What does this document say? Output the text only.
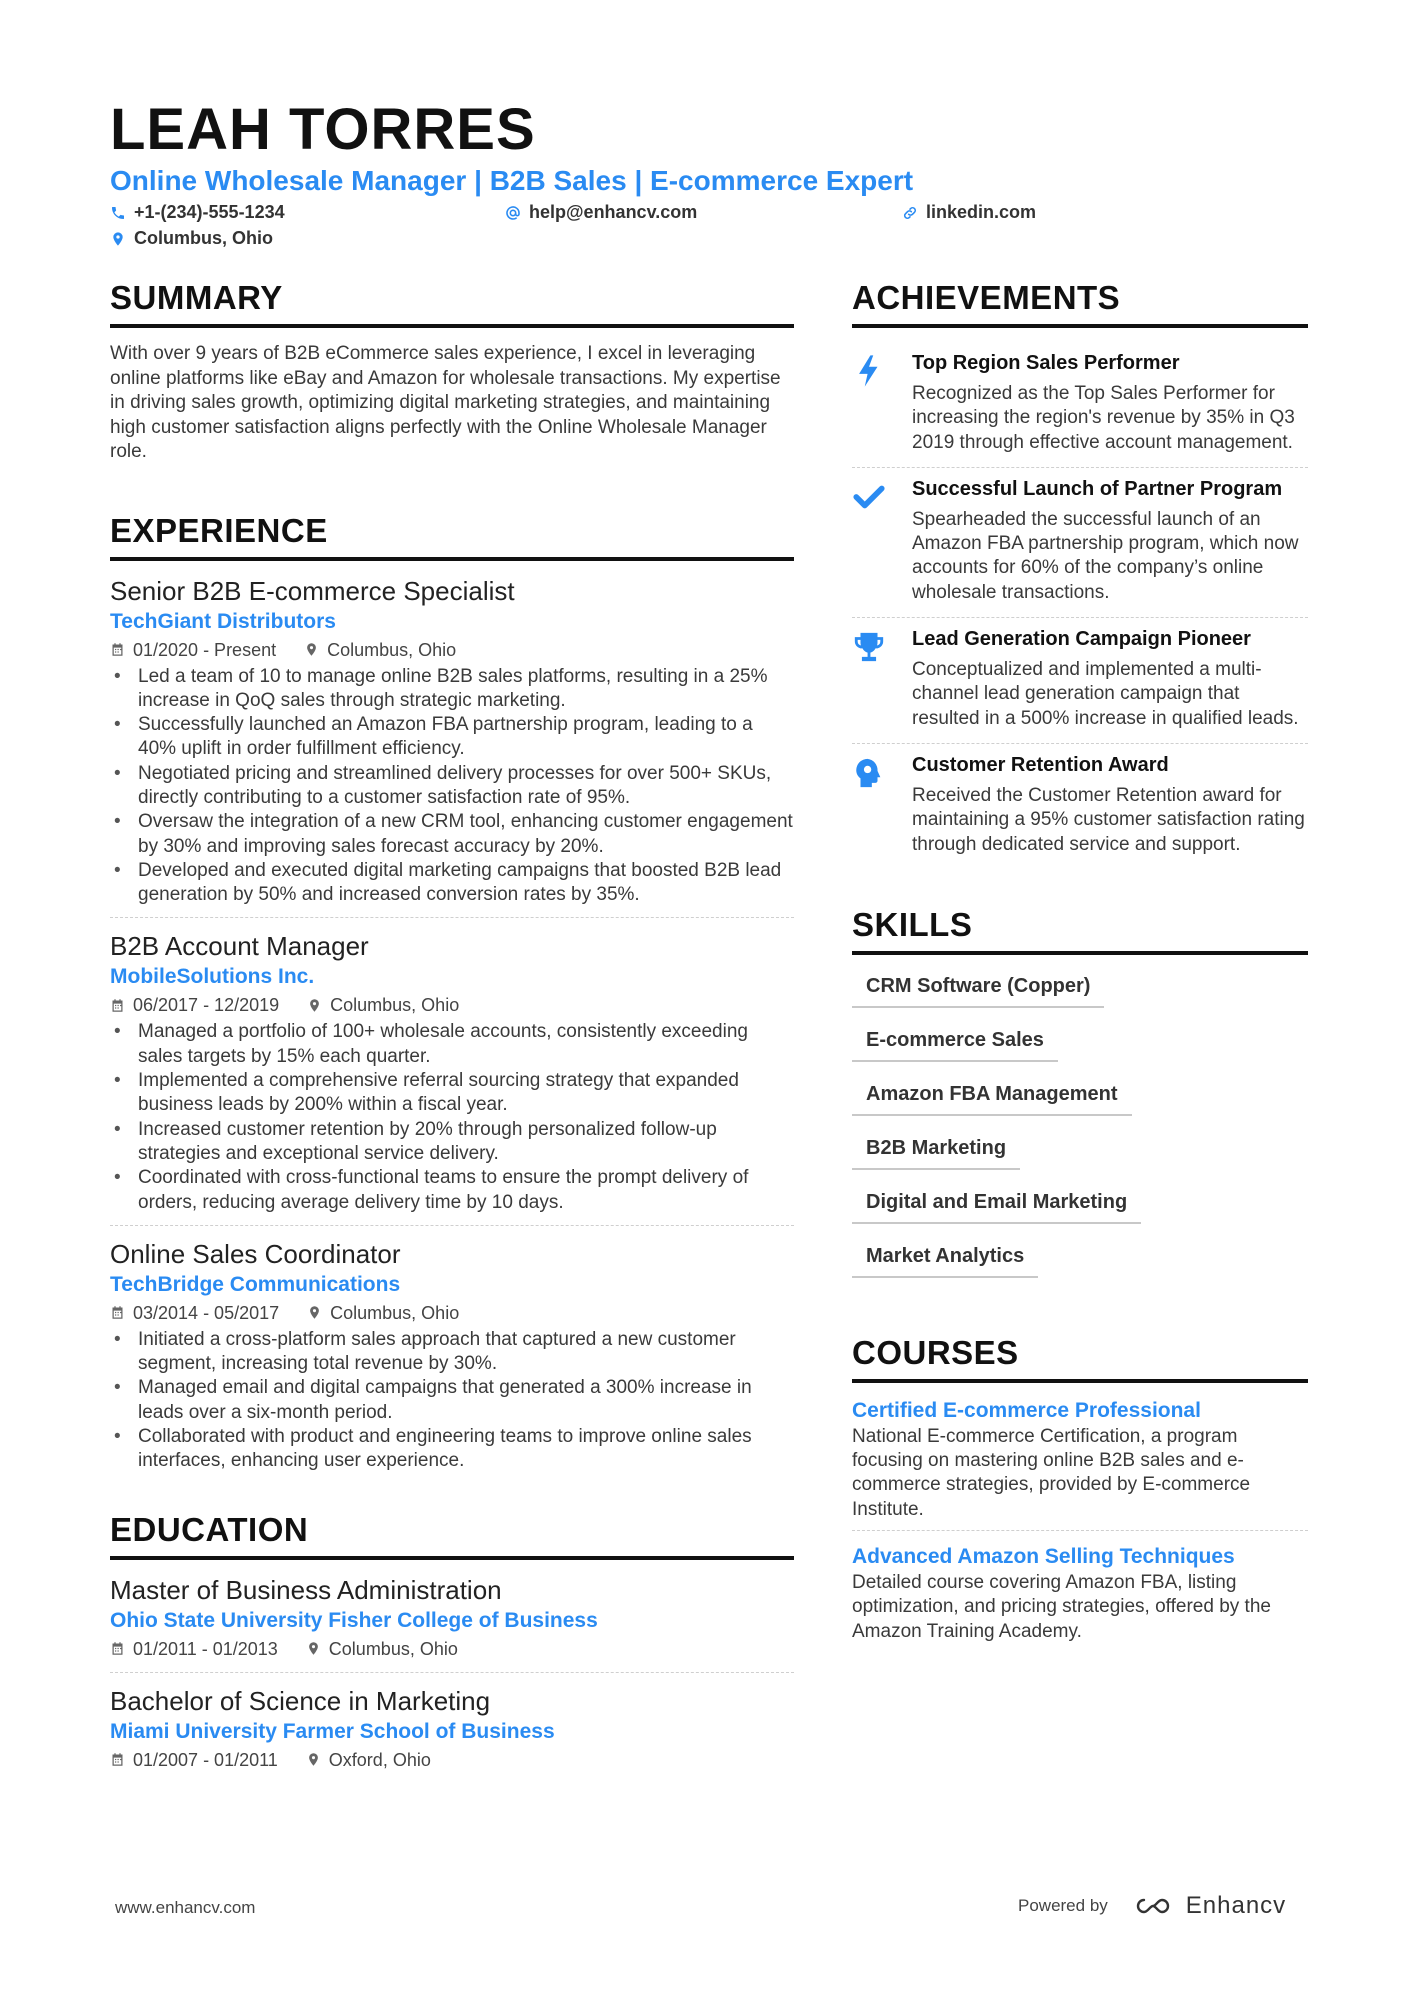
LEAH TORRES
Online Wholesale Manager | B2B Sales | E-commerce Expert
+1-(234)-555-1234	help@enhancv.com	linkedin.com
Columbus, Ohio
SUMMARY
With over 9 years of B2B eCommerce sales experience, I excel in leveraging online platforms like eBay and Amazon for wholesale transactions. My expertise in driving sales growth, optimizing digital marketing strategies, and maintaining high customer satisfaction aligns perfectly with the Online Wholesale Manager role.
EXPERIENCE
Senior B2B E-commerce Specialist
TechGiant Distributors
01/2020 - Present	Columbus, Ohio
• Led a team of 10 to manage online B2B sales platforms, resulting in a 25% increase in QoQ sales through strategic marketing.
• Successfully launched an Amazon FBA partnership program, leading to a 40% uplift in order fulfillment efficiency.
• Negotiated pricing and streamlined delivery processes for over 500+ SKUs, directly contributing to a customer satisfaction rate of 95%.
• Oversaw the integration of a new CRM tool, enhancing customer engagement by 30% and improving sales forecast accuracy by 20%.
• Developed and executed digital marketing campaigns that boosted B2B lead generation by 50% and increased conversion rates by 35%.
B2B Account Manager
MobileSolutions Inc.
06/2017 - 12/2019	Columbus, Ohio
• Managed a portfolio of 100+ wholesale accounts, consistently exceeding sales targets by 15% each quarter.
• Implemented a comprehensive referral sourcing strategy that expanded business leads by 200% within a fiscal year.
• Increased customer retention by 20% through personalized follow-up strategies and exceptional service delivery.
• Coordinated with cross-functional teams to ensure the prompt delivery of orders, reducing average delivery time by 10 days.
Online Sales Coordinator
TechBridge Communications
03/2014 - 05/2017	Columbus, Ohio
• Initiated a cross-platform sales approach that captured a new customer segment, increasing total revenue by 30%.
• Managed email and digital campaigns that generated a 300% increase in leads over a six-month period.
• Collaborated with product and engineering teams to improve online sales interfaces, enhancing user experience.
EDUCATION
Master of Business Administration
Ohio State University Fisher College of Business
01/2011 - 01/2013	Columbus, Ohio
Bachelor of Science in Marketing
Miami University Farmer School of Business
01/2007 - 01/2011	Oxford, Ohio
ACHIEVEMENTS
Top Region Sales Performer
Recognized as the Top Sales Performer for increasing the region's revenue by 35% in Q3 2019 through effective account management.
Successful Launch of Partner Program
Spearheaded the successful launch of an Amazon FBA partnership program, which now accounts for 60% of the company’s online wholesale transactions.
Lead Generation Campaign Pioneer
Conceptualized and implemented a multi-channel lead generation campaign that resulted in a 500% increase in qualified leads.
Customer Retention Award
Received the Customer Retention award for maintaining a 95% customer satisfaction rating through dedicated service and support.
SKILLS
CRM Software (Copper)
E-commerce Sales
Amazon FBA Management
B2B Marketing
Digital and Email Marketing
Market Analytics
COURSES
Certified E-commerce Professional
National E-commerce Certification, a program focusing on mastering online B2B sales and e-commerce strategies, provided by E-commerce Institute.
Advanced Amazon Selling Techniques
Detailed course covering Amazon FBA, listing optimization, and pricing strategies, offered by the Amazon Training Academy.
www.enhancv.com	Powered by	Enhancv
